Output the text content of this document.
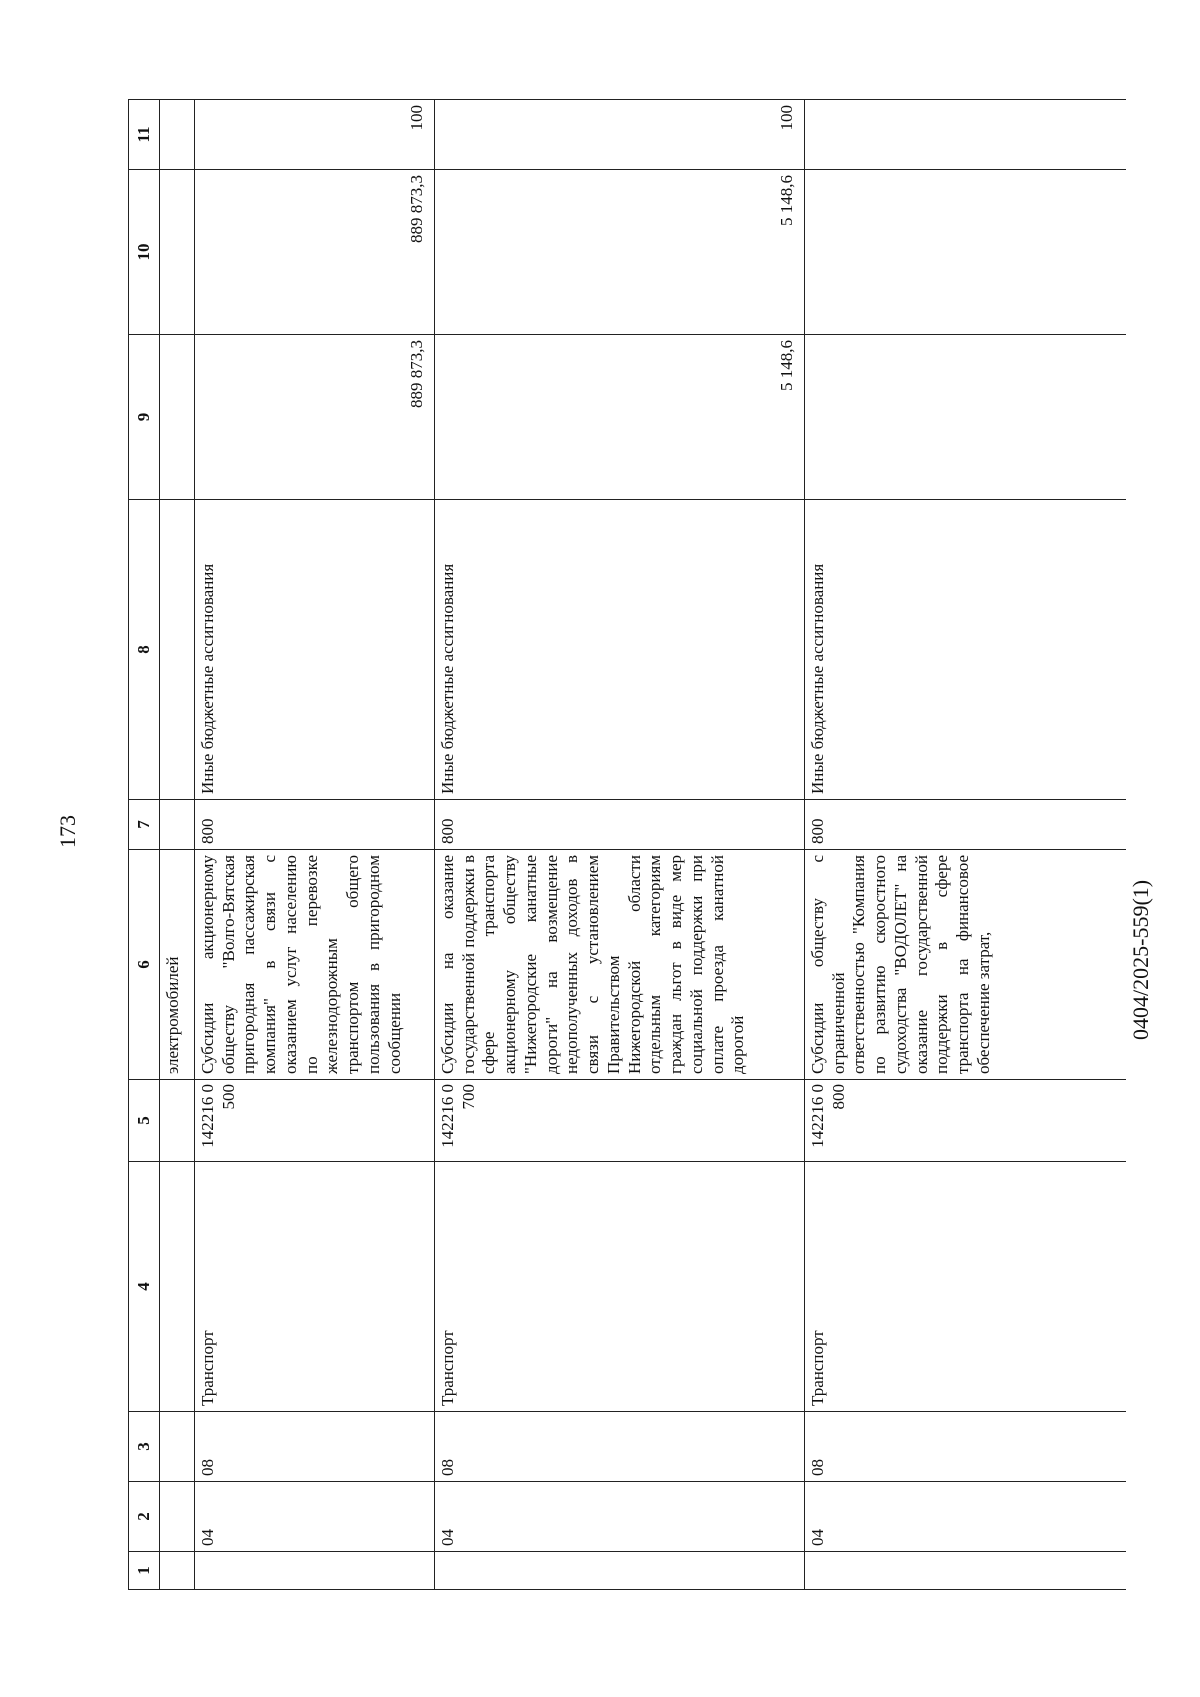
173
0404/2025-559(1)
1	2	3	4	5	6	7	8	9	10	11
					электромобилей					
	04	08	Транспорт	142216 0500	Субсидии акционерному обществу "Волго-Вятская пригородная пассажирская компания" в связи с оказанием услуг населению по перевозке железнодорожным транспортом общего пользования в пригородном сообщении	800	Иные бюджетные ассигнования	889 873,3	889 873,3	100
	04	08	Транспорт	142216 0700	Субсидии на оказание государственной поддержки в сфере транспорта акционерному обществу "Нижегородские канатные дороги" на возмещение недополученных доходов в связи с установлением Правительством Нижегородской области отдельным категориям граждан льгот в виде мер социальной поддержки при оплате проезда канатной дорогой	800	Иные бюджетные ассигнования	5 148,6	5 148,6	100
	04	08	Транспорт	142216 0800	Субсидии обществу с ограниченной ответственностью "Компания по развитию скоростного судоходства "ВОДОЛЕТ" на оказание государственной поддержки в сфере транспорта на финансовое обеспечение затрат,	800	Иные бюджетные ассигнования			
